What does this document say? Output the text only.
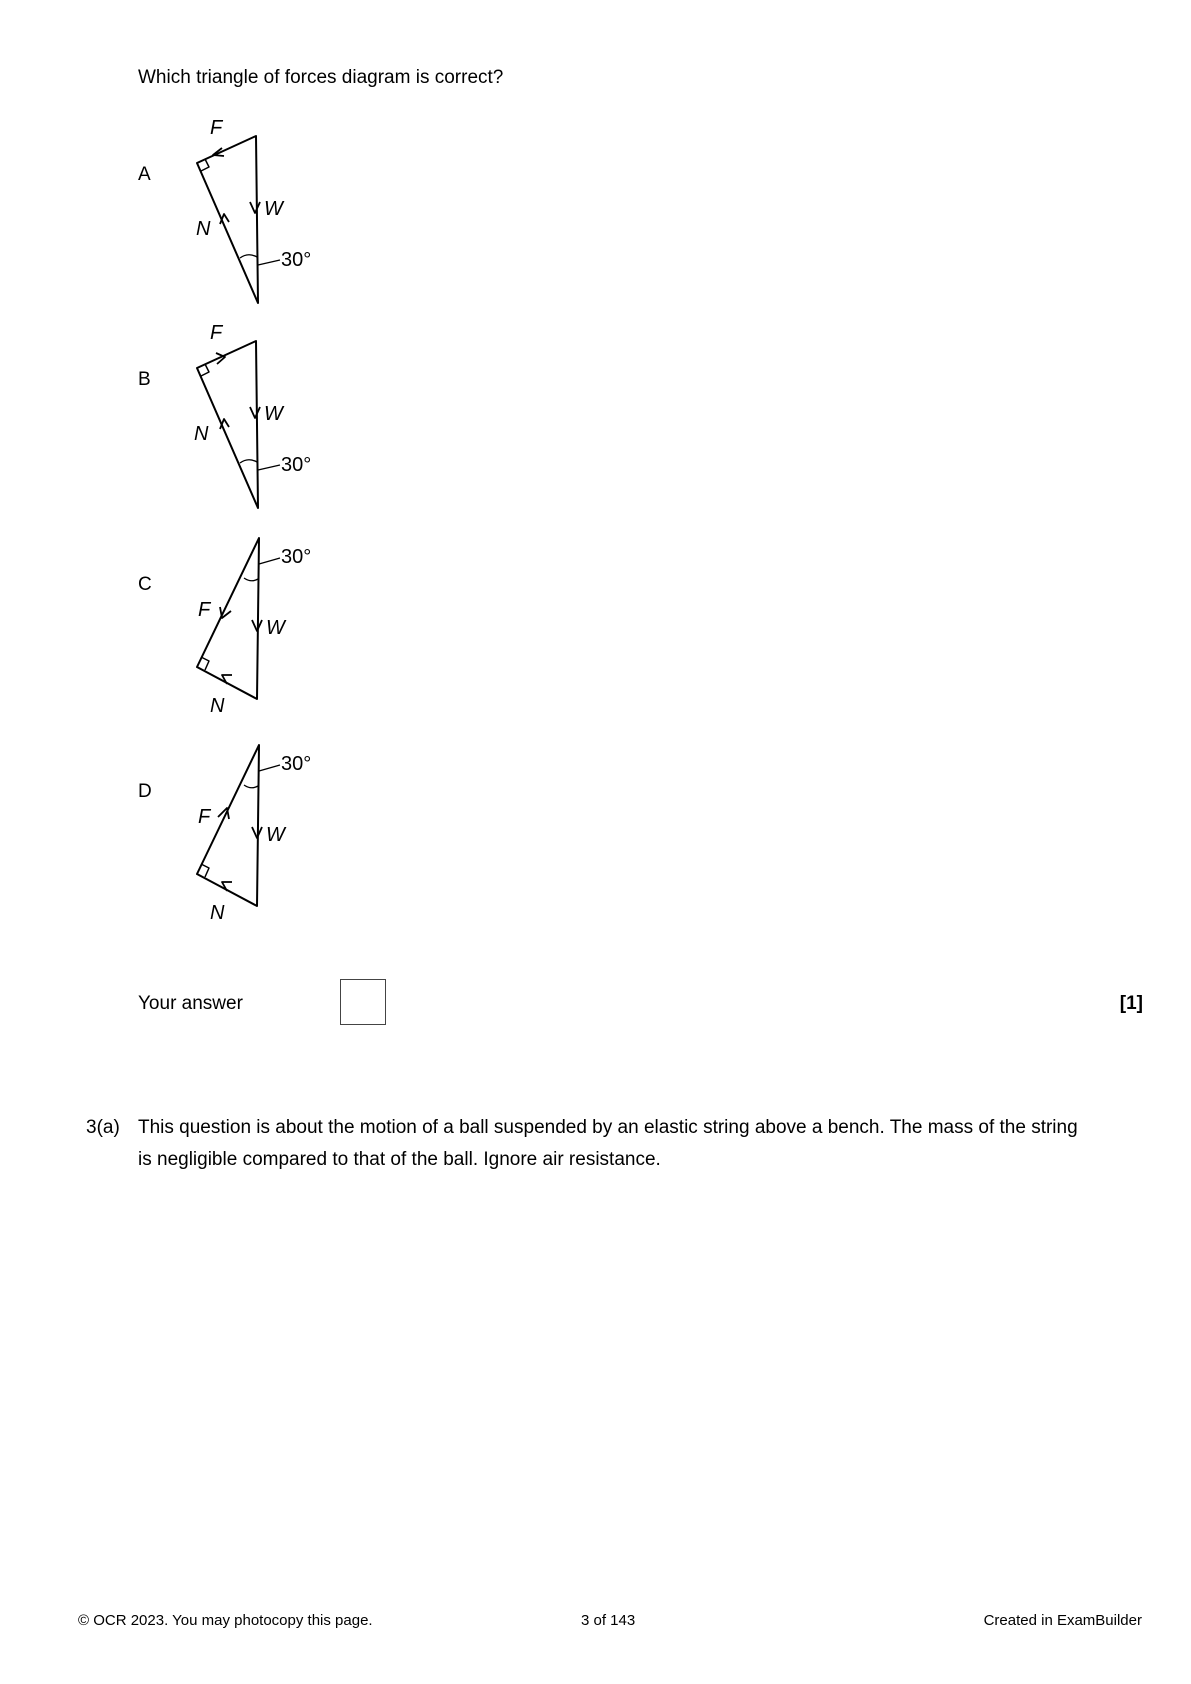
Which triangle of forces diagram is correct?
A
F
W
N
30°
B
F
W
N
30°
C
30°
F
W
N
D
30°
F
W
N
Your answer	[1]
3(a) This question is about the motion of a ball suspended by an elastic string above a bench. The mass of the string
is negligible compared to that of the ball. Ignore air resistance.
© OCR 2023. You may photocopy this page.	3 of 143	Created in ExamBuilder
